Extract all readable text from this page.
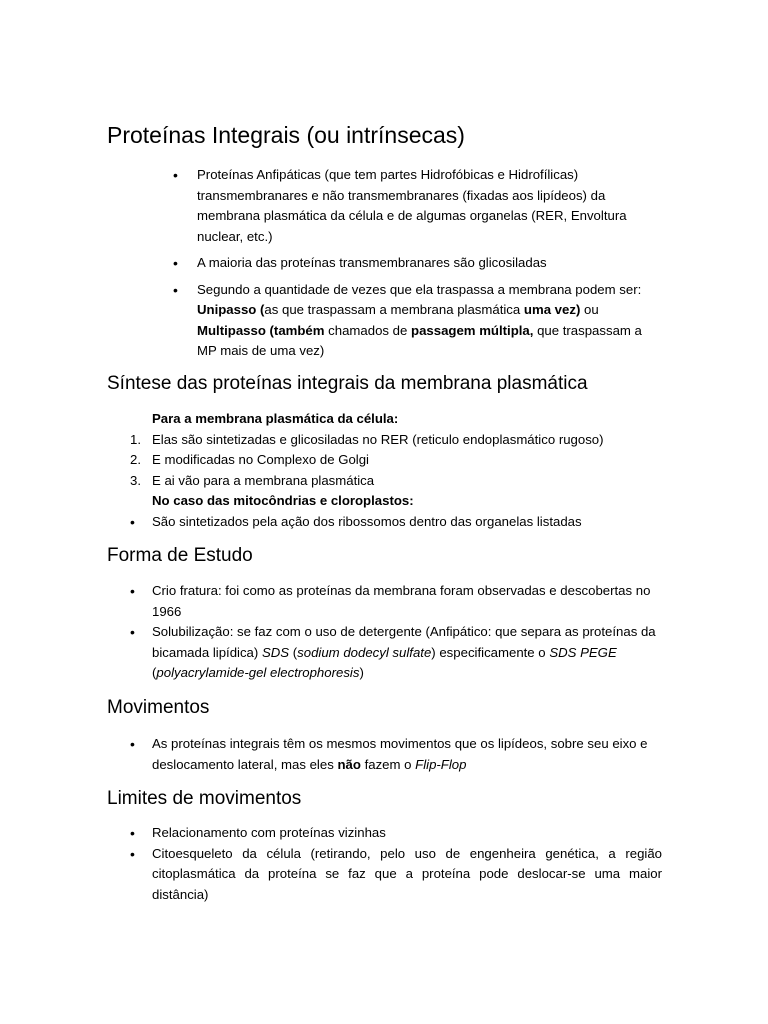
Proteínas Integrais (ou intrínsecas)
• Proteínas Anfipáticas (que tem partes Hidrofóbicas e Hidrofílicas) transmembranares e não transmembranares (fixadas aos lipídeos) da membrana plasmática da célula e de algumas organelas (RER, Envoltura nuclear, etc.)
• A maioria das proteínas transmembranares são glicosiladas
• Segundo a quantidade de vezes que ela traspassa a membrana podem ser:
Unipasso (as que traspassam a membrana plasmática uma vez) ou
Multipasso (também chamados de passagem múltipla, que traspassam a MP mais de uma vez)
Síntese das proteínas integrais da membrana plasmática
Para a membrana plasmática da célula:
1. Elas são sintetizadas e glicosiladas no RER (reticulo endoplasmático rugoso)
2. E modificadas no Complexo de Golgi
3. E ai vão para a membrana plasmática
No caso das mitocôndrias e cloroplastos:
• São sintetizados pela ação dos ribossomos dentro das organelas listadas
Forma de Estudo
• Crio fratura: foi como as proteínas da membrana foram observadas e descobertas no 1966
• Solubilização: se faz com o uso de detergente (Anfipático: que separa as proteínas da bicamada lipídica) SDS (sodium dodecyl sulfate) especificamente o SDS PEGE (polyacrylamide-gel electrophoresis)
Movimentos
• As proteínas integrais têm os mesmos movimentos que os lipídeos, sobre seu eixo e deslocamento lateral, mas eles não fazem o Flip-Flop
Limites de movimentos
• Relacionamento com proteínas vizinhas
• Citoesqueleto da célula (retirando, pelo uso de engenheira genética, a região citoplasmática da proteína se faz que a proteína pode deslocar-se uma maior distância)
